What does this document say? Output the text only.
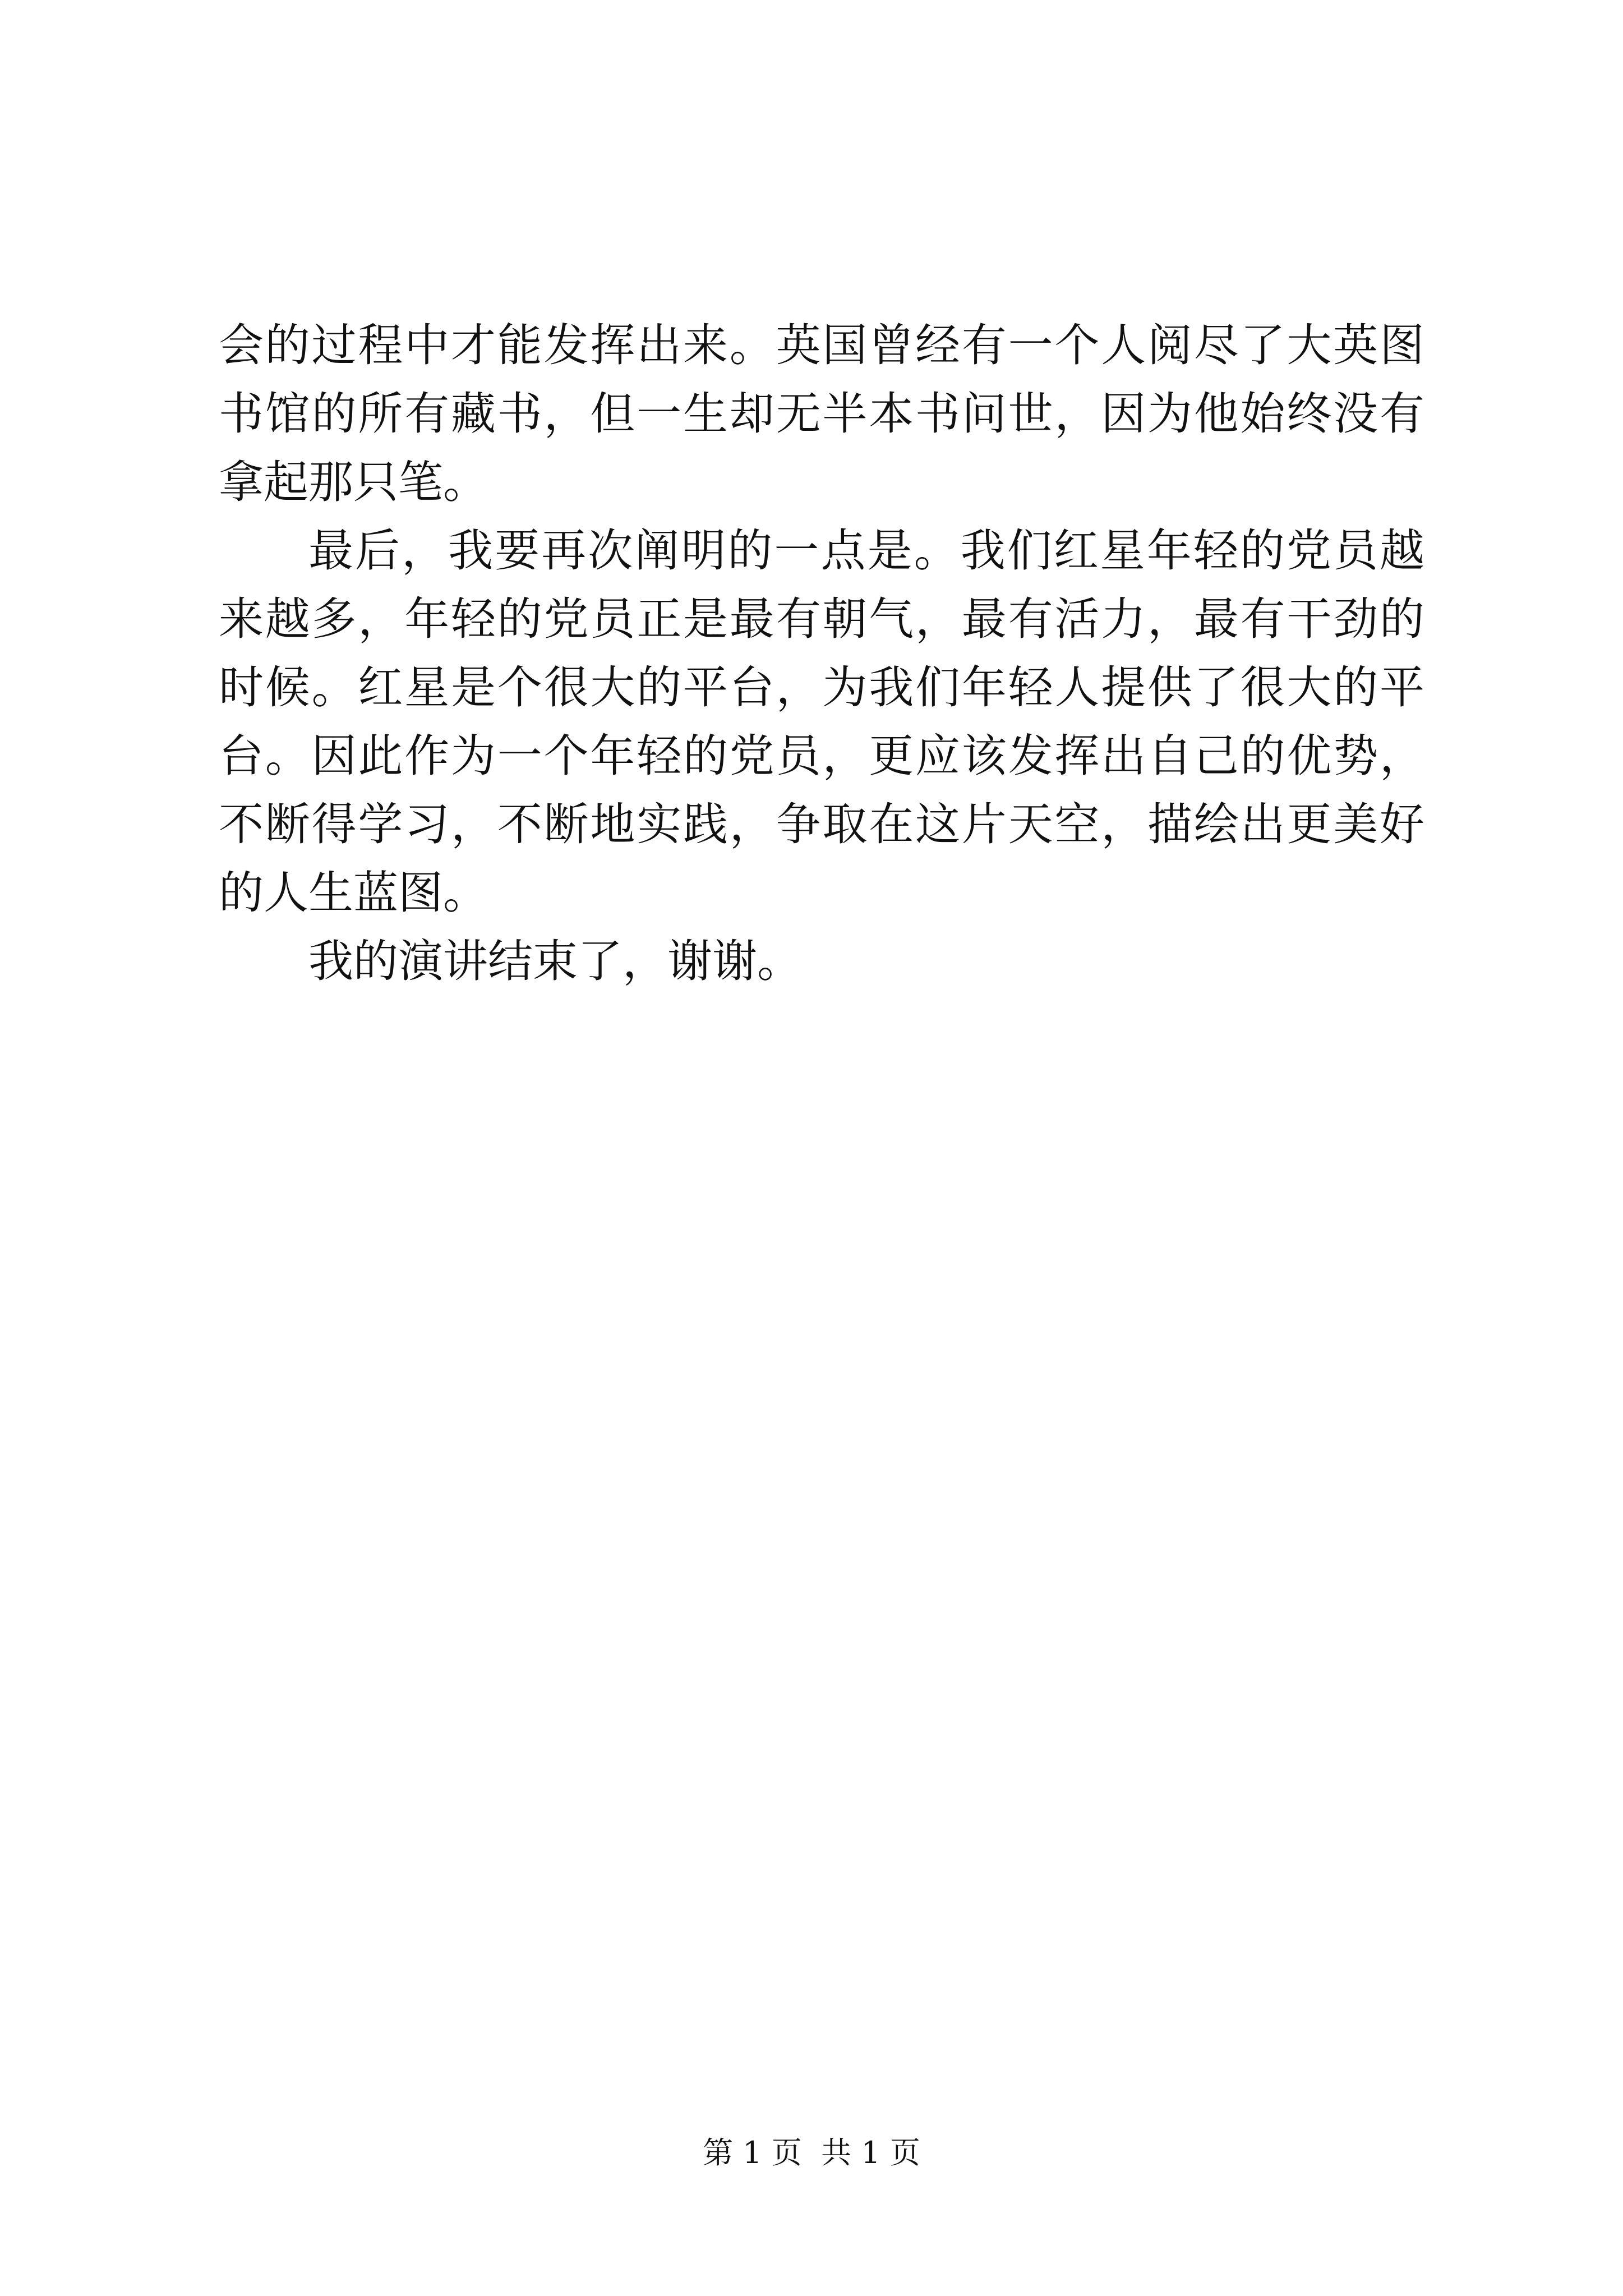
会的过程中才能发挥出来。英国曾经有一个人阅尽了大英图书馆的所有藏书，但一生却无半本书问世，因为他始终没有拿起那只笔。

最后，我要再次阐明的一点是。我们红星年轻的党员越来越多，年轻的党员正是最有朝气，最有活力，最有干劲的时候。红星是个很大的平台，为我们年轻人提供了很大的平台。因此作为一个年轻的党员，更应该发挥出自己的优势，不断得学习，不断地实践，争取在这片天空，描绘出更美好的人生蓝图。

我的演讲结束了，谢谢。

第 1 页  共 1 页
